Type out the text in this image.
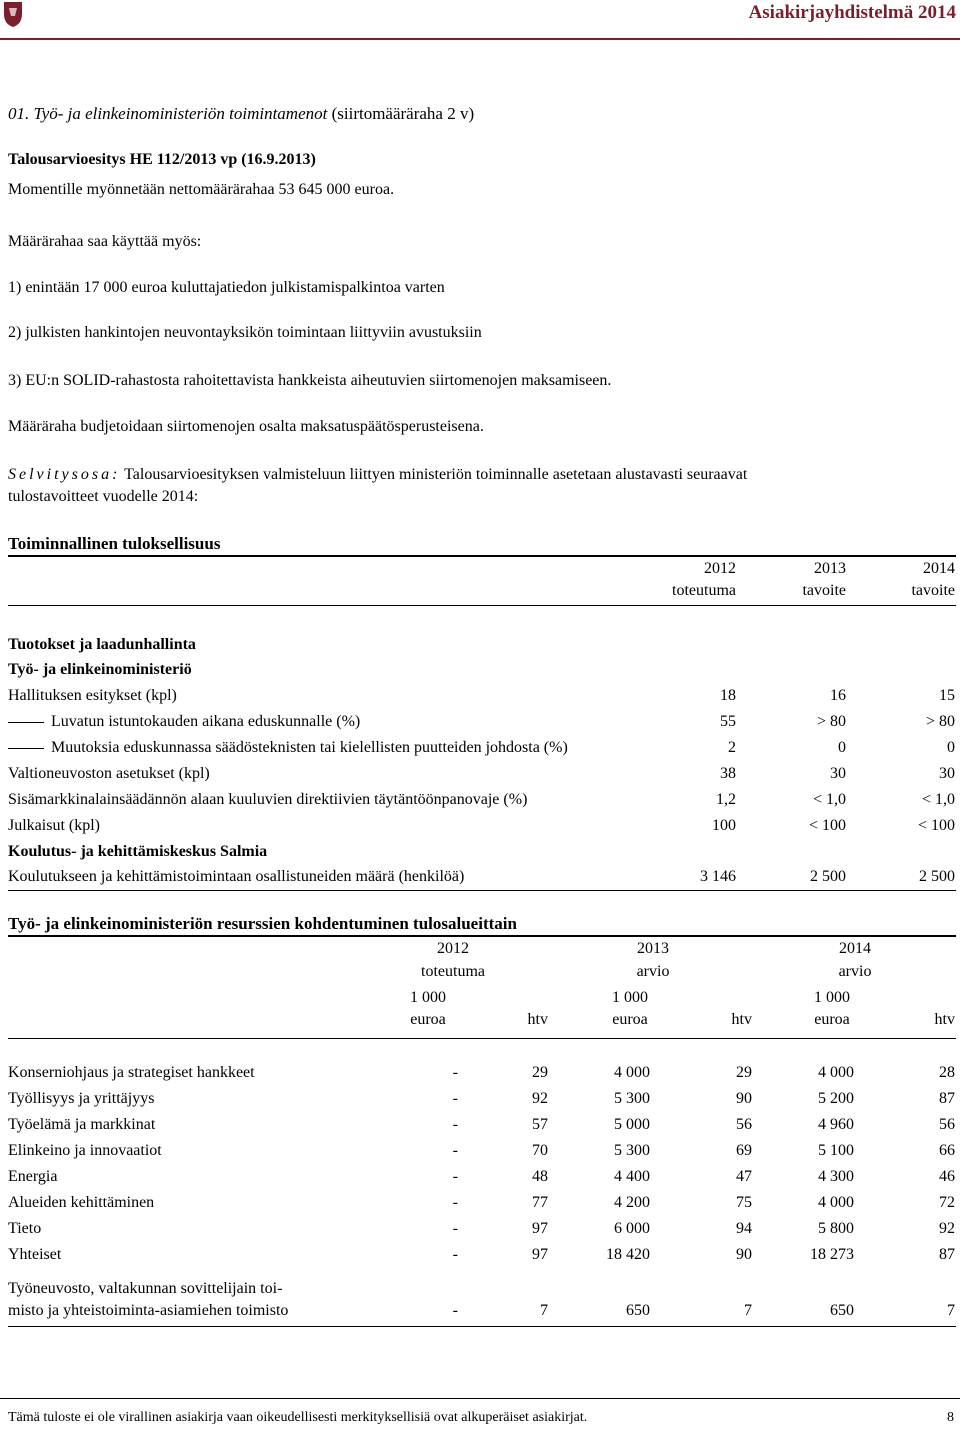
Asiakirjayhdistelmä 2014
01. Työ- ja elinkeinoministeriön toimintamenot (siirtomääräraha 2 v)
Talousarvioesitys HE 112/2013 vp (16.9.2013)
Momentille myönnetään nettomäärärahaa 53 645 000 euroa.
Määrärahaa saa käyttää myös:
1) enintään 17 000 euroa kuluttajatiedon julkistamispalkintoa varten
2) julkisten hankintojen neuvontayksikön toimintaan liittyviin avustuksiin
3) EU:n SOLID-rahastosta rahoitettavista hankkeista aiheutuvien siirtomenojen maksamiseen.
Määräraha budjetoidaan siirtomenojen osalta maksatuspäätösperusteisena.
Selvitysosa: Talousarvioesityksen valmisteluun liittyen ministeriön toiminnalle asetetaan alustavasti seuraavat
tulostavoitteet vuodelle 2014:
Toiminnallinen tuloksellisuus
2012
toteutuma
2013
tavoite
2014
tavoite
Tuotokset ja laadunhallinta
Työ- ja elinkeinoministeriö
Hallituksen esitykset (kpl)	18	16	15
Luvatun istuntokauden aikana eduskunnalle (%)	55	> 80	> 80
Muutoksia eduskunnassa säädösteknisten tai kielellisten puutteiden johdosta (%)	2	0	0
Valtioneuvoston asetukset (kpl)	38	30	30
Sisämarkkinalainsäädännön alaan kuuluvien direktiivien täytäntöönpanovaje (%)	1,2	< 1,0	< 1,0
Julkaisut (kpl)	100	< 100	< 100
Koulutus- ja kehittämiskeskus Salmia
Koulutukseen ja kehittämistoimintaan osallistuneiden määrä (henkilöä)	3 146	2 500	2 500
Työ- ja elinkeinoministeriön resurssien kohdentuminen tulosalueittain
2012
toteutuma
2013
arvio
2014
arvio
1 000
euroa	htv
1 000
euroa	htv
1 000
euroa	htv
Konserniohjaus ja strategiset hankkeet	-	29	4 000	29	4 000	28
Työllisyys ja yrittäjyys	-	92	5 300	90	5 200	87
Työelämä ja markkinat	-	57	5 000	56	4 960	56
Elinkeino ja innovaatiot	-	70	5 300	69	5 100	66
Energia	-	48	4 400	47	4 300	46
Alueiden kehittäminen	-	77	4 200	75	4 000	72
Tieto	-	97	6 000	94	5 800	92
Yhteiset	-	97	18 420	90	18 273	87
Työneuvosto, valtakunnan sovittelijain toi-
misto ja yhteistoiminta-asiamiehen toimisto	-	7	650	7	650	7
Tämä tuloste ei ole virallinen asiakirja vaan oikeudellisesti merkityksellisiä ovat alkuperäiset asiakirjat.	8
